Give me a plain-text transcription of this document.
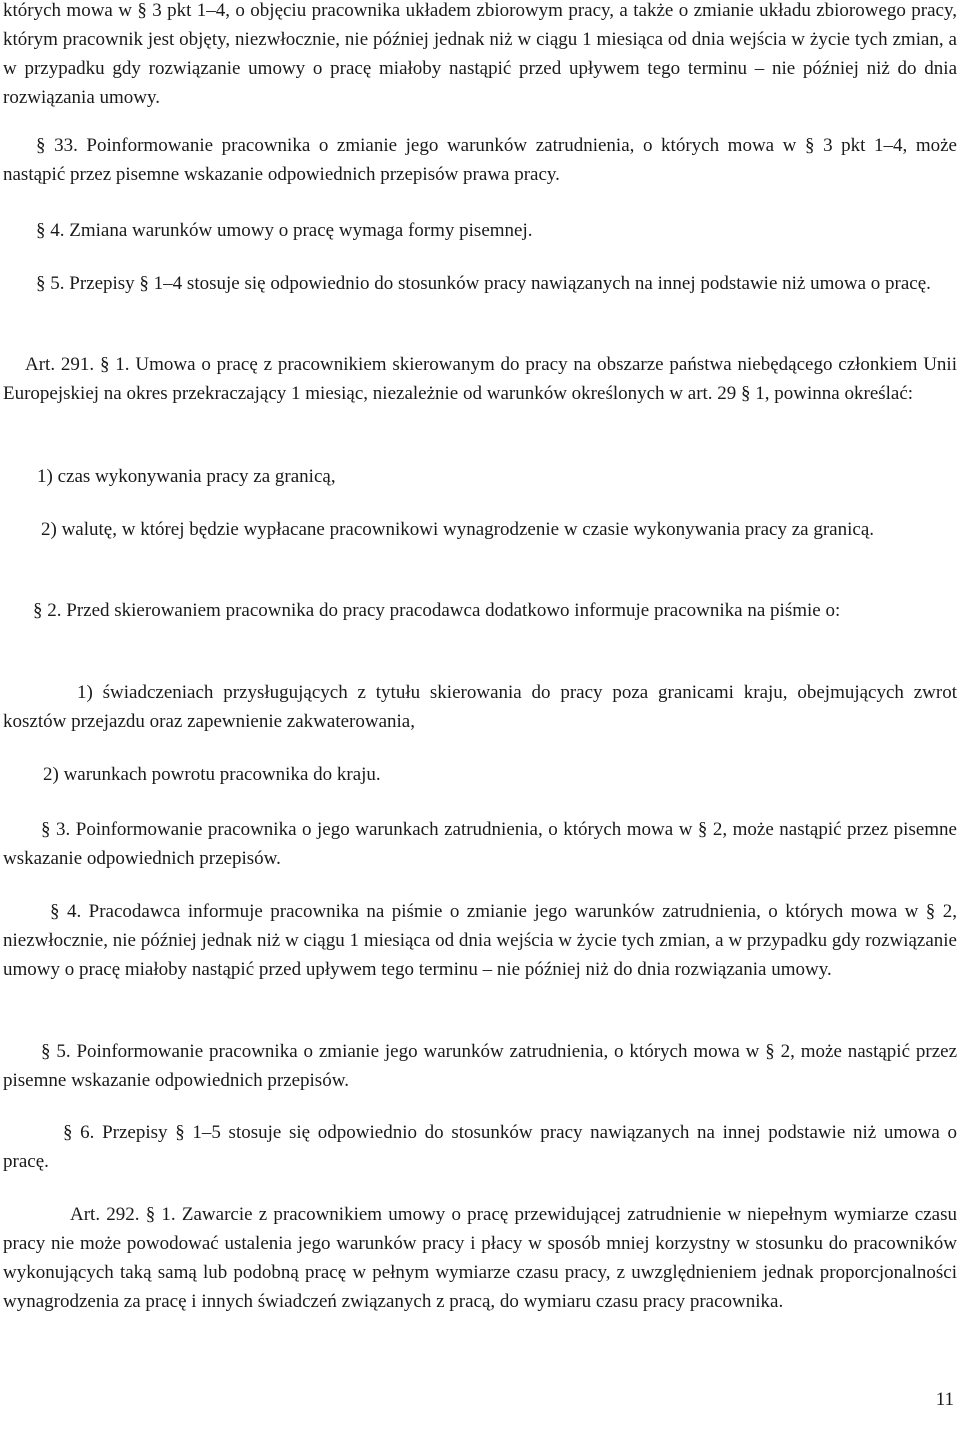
których mowa w § 3 pkt 1–4, o objęciu pracownika układem zbiorowym pracy, a także o zmianie układu zbiorowego pracy, którym pracownik jest objęty, niezwłocznie, nie później jednak niż w ciągu 1 miesiąca od dnia wejścia w życie tych zmian, a w przypadku gdy rozwiązanie umowy o pracę miałoby nastąpić przed upływem tego terminu – nie później niż do dnia rozwiązania umowy.

§ 33. Poinformowanie pracownika o zmianie jego warunków zatrudnienia, o których mowa w § 3 pkt 1–4, może nastąpić przez pisemne wskazanie odpowiednich przepisów prawa pracy.

§ 4. Zmiana warunków umowy o pracę wymaga formy pisemnej.

§ 5. Przepisy § 1–4 stosuje się odpowiednio do stosunków pracy nawiązanych na innej podstawie niż umowa o pracę.

Art. 291. § 1. Umowa o pracę z pracownikiem skierowanym do pracy na obszarze państwa niebędącego członkiem Unii Europejskiej na okres przekraczający 1 miesiąc, niezależnie od warunków określonych w art. 29 § 1, powinna określać:

1) czas wykonywania pracy za granicą,

2) walutę, w której będzie wypłacane pracownikowi wynagrodzenie w czasie wykonywania pracy za granicą.

§ 2. Przed skierowaniem pracownika do pracy pracodawca dodatkowo informuje pracownika na piśmie o:

1) świadczeniach przysługujących z tytułu skierowania do pracy poza granicami kraju, obejmujących zwrot kosztów przejazdu oraz zapewnienie zakwaterowania,

2) warunkach powrotu pracownika do kraju.

§ 3. Poinformowanie pracownika o jego warunkach zatrudnienia, o których mowa w § 2, może nastąpić przez pisemne wskazanie odpowiednich przepisów.

§ 4. Pracodawca informuje pracownika na piśmie o zmianie jego warunków zatrudnienia, o których mowa w § 2, niezwłocznie, nie później jednak niż w ciągu 1 miesiąca od dnia wejścia w życie tych zmian, a w przypadku gdy rozwiązanie umowy o pracę miałoby nastąpić przed upływem tego terminu – nie później niż do dnia rozwiązania umowy.

§ 5. Poinformowanie pracownika o zmianie jego warunków zatrudnienia, o których mowa w § 2, może nastąpić przez pisemne wskazanie odpowiednich przepisów.

§ 6. Przepisy § 1–5 stosuje się odpowiednio do stosunków pracy nawiązanych na innej podstawie niż umowa o pracę.

Art. 292. § 1. Zawarcie z pracownikiem umowy o pracę przewidującej zatrudnienie w niepełnym wymiarze czasu pracy nie może powodować ustalenia jego warunków pracy i płacy w sposób mniej korzystny w stosunku do pracowników wykonujących taką samą lub podobną pracę w pełnym wymiarze czasu pracy, z uwzględnieniem jednak proporcjonalności wynagrodzenia za pracę i innych świadczeń związanych z pracą, do wymiaru czasu pracy pracownika.

11
